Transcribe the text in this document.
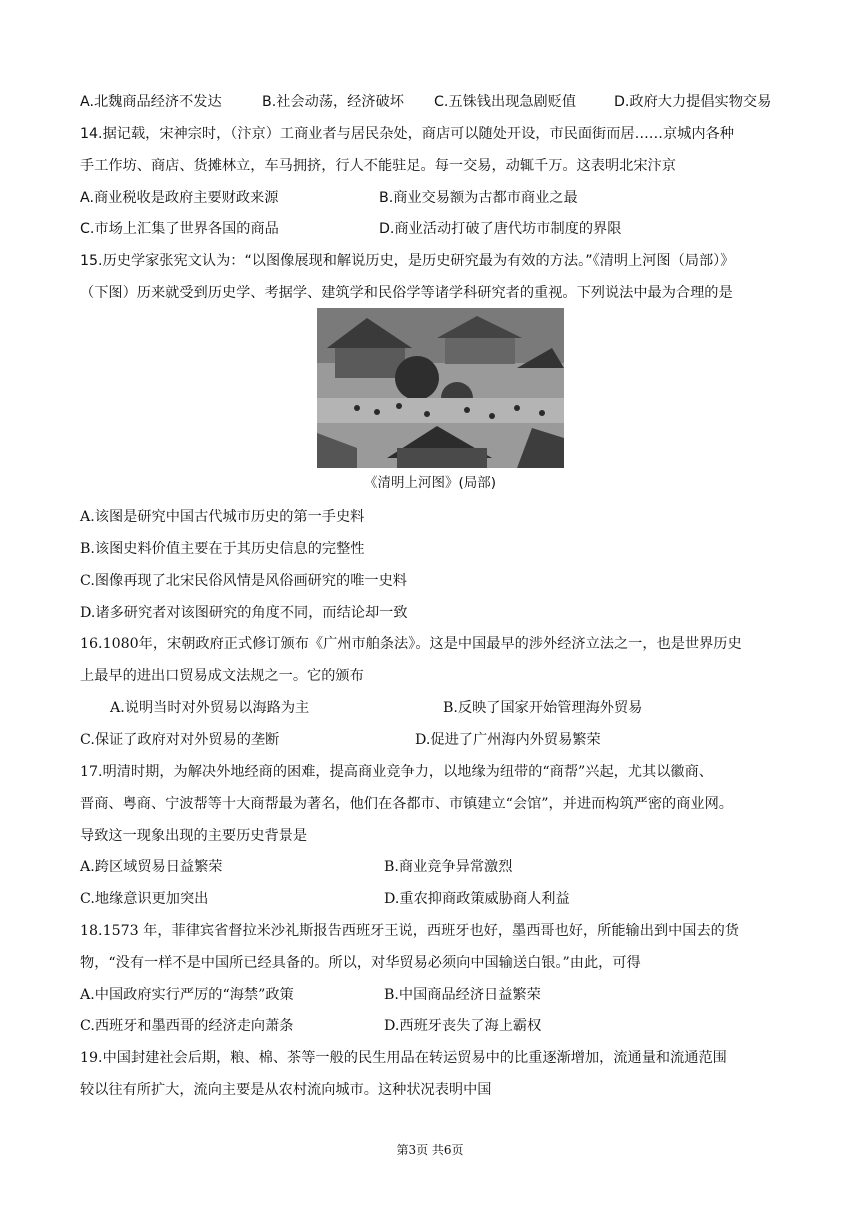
A.北魏商品经济不发达	B.社会动荡，经济破坏 C.五铢钱出现急剧贬值	D.政府大力提倡实物交易
14.据记载，宋神宗时，（汴京）工商业者与居民杂处，商店可以随处开设，市民面街而居……京城内各种
手工作坊、商店、货摊林立，车马拥挤，行人不能驻足。每一交易，动辄千万。这表明北宋汴京
A.商业税收是政府主要财政来源	B.商业交易额为古都市商业之最
C.市场上汇集了世界各国的商品	D.商业活动打破了唐代坊市制度的界限
15.历史学家张宪文认为：“以图像展现和解说历史，是历史研究最为有效的方法。”《清明上河图（局部）》
（下图）历来就受到历史学、考据学、建筑学和民俗学等诸学科研究者的重视。下列说法中最为合理的是
《清明上河图》(局部)
A.该图是研究中国古代城市历史的第一手史料
B.该图史料价值主要在于其历史信息的完整性
C.图像再现了北宋民俗风情是风俗画研究的唯一史料
D.诸多研究者对该图研究的角度不同，而结论却一致
16.1080年，宋朝政府正式修订颁布《广州市舶条法》。这是中国最早的涉外经济立法之一，也是世界历史
上最早的进出口贸易成文法规之一。它的颁布
A.说明当时对外贸易以海路为主	B.反映了国家开始管理海外贸易
C.保证了政府对对外贸易的垄断	D.促进了广州海内外贸易繁荣
17.明清时期，为解决外地经商的困难，提高商业竞争力，以地缘为纽带的“商帮”兴起，尤其以徽商、
晋商、粤商、宁波帮等十大商帮最为著名，他们在各都市、市镇建立“会馆”，并进而构筑严密的商业网。
导致这一现象出现的主要历史背景是
A.跨区域贸易日益繁荣	B.商业竞争异常激烈
C.地缘意识更加突出	D.重农抑商政策威胁商人利益
18.1573 年，菲律宾省督拉米沙礼斯报告西班牙王说，西班牙也好，墨西哥也好，所能输出到中国去的货
物，“没有一样不是中国所已经具备的。所以，对华贸易必须向中国输送白银。”由此，可得
A.中国政府实行严厉的“海禁”政策	B.中国商品经济日益繁荣
C.西班牙和墨西哥的经济走向萧条	D.西班牙丧失了海上霸权
19.中国封建社会后期，粮、棉、茶等一般的民生用品在转运贸易中的比重逐渐增加，流通量和流通范围
较以往有所扩大，流向主要是从农村流向城市。这种状况表明中国
第3页 共6页
